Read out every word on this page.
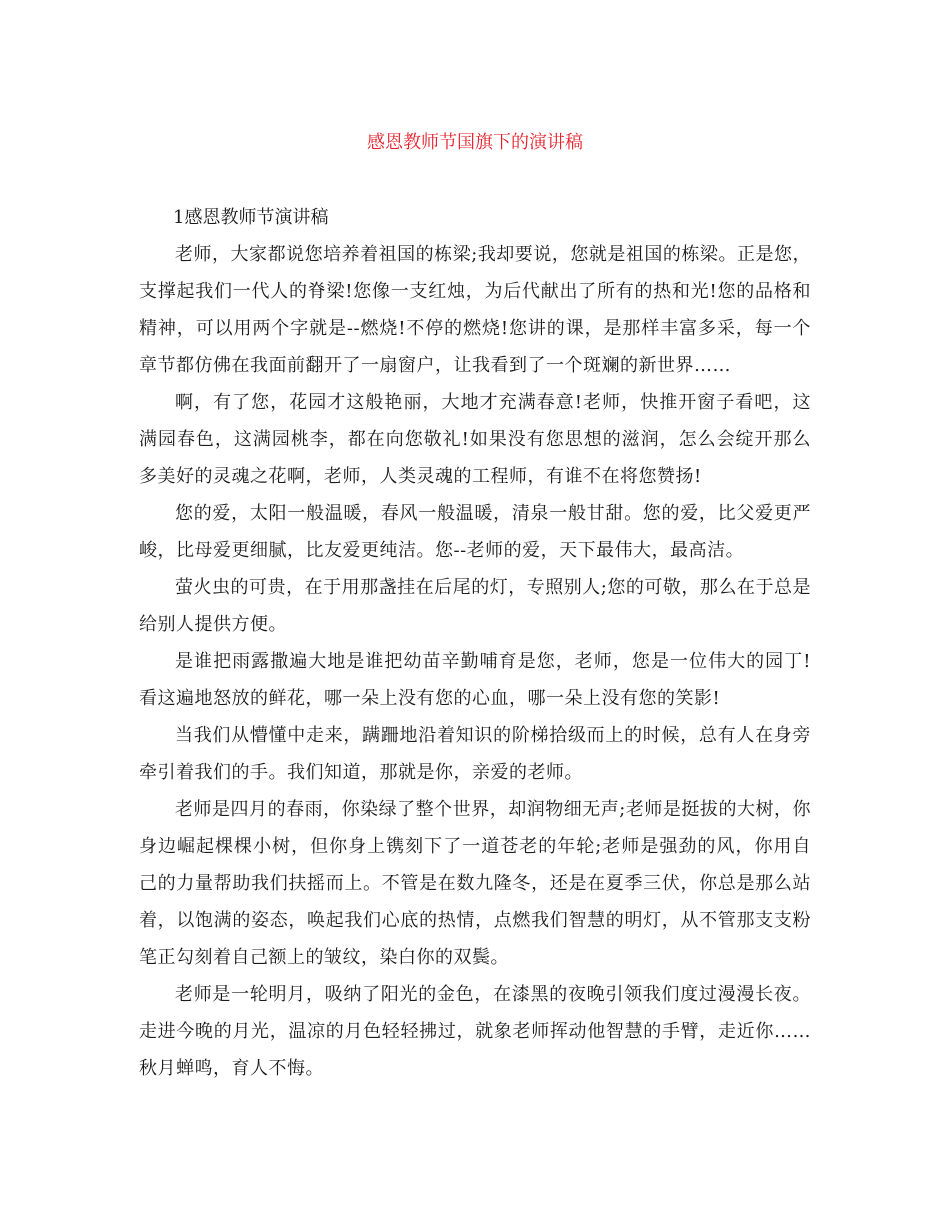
感恩教师节国旗下的演讲稿

1感恩教师节演讲稿

老师，大家都说您培养着祖国的栋梁;我却要说，您就是祖国的栋梁。正是您，支撑起我们一代人的脊梁!您像一支红烛，为后代献出了所有的热和光!您的品格和精神，可以用两个字就是--燃烧!不停的燃烧!您讲的课，是那样丰富多采，每一个章节都仿佛在我面前翻开了一扇窗户，让我看到了一个斑斓的新世界……

啊，有了您，花园才这般艳丽，大地才充满春意!老师，快推开窗子看吧，这满园春色，这满园桃李，都在向您敬礼!如果没有您思想的滋润，怎么会绽开那么多美好的灵魂之花啊，老师，人类灵魂的工程师，有谁不在将您赞扬!

您的爱，太阳一般温暖，春风一般温暖，清泉一般甘甜。您的爱，比父爱更严峻，比母爱更细腻，比友爱更纯洁。您--老师的爱，天下最伟大，最高洁。

萤火虫的可贵，在于用那盏挂在后尾的灯，专照别人;您的可敬，那么在于总是给别人提供方便。

是谁把雨露撒遍大地是谁把幼苗辛勤哺育是您，老师，您是一位伟大的园丁!看这遍地怒放的鲜花，哪一朵上没有您的心血，哪一朵上没有您的笑影!

当我们从懵懂中走来，蹒跚地沿着知识的阶梯拾级而上的时候，总有人在身旁牵引着我们的手。我们知道，那就是你，亲爱的老师。

老师是四月的春雨，你染绿了整个世界，却润物细无声;老师是挺拔的大树，你身边崛起棵棵小树，但你身上镌刻下了一道苍老的年轮;老师是强劲的风，你用自己的力量帮助我们扶摇而上。不管是在数九隆冬，还是在夏季三伏，你总是那么站着，以饱满的姿态，唤起我们心底的热情，点燃我们智慧的明灯，从不管那支支粉笔正勾刻着自己额上的皱纹，染白你的双鬓。

老师是一轮明月，吸纳了阳光的金色，在漆黑的夜晚引领我们度过漫漫长夜。走进今晚的月光，温凉的月色轻轻拂过，就象老师挥动他智慧的手臂，走近你……秋月蝉鸣，育人不悔。
